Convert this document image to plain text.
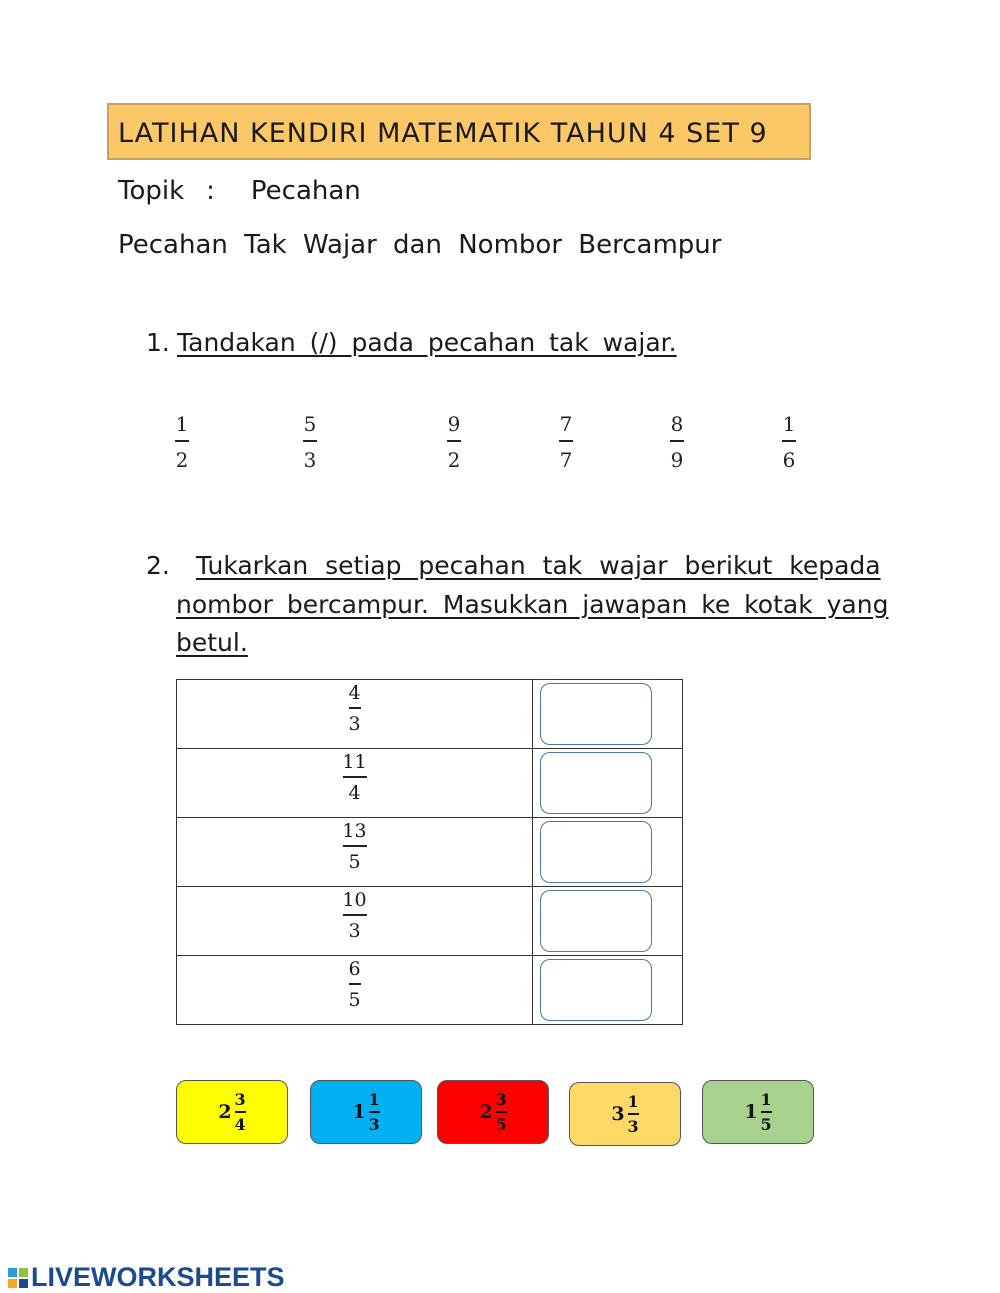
LATIHAN KENDIRI MATEMATIK TAHUN 4 SET 9
Topik : Pecahan
Pecahan Tak Wajar dan Nombor Bercampur
1. Tandakan (/) pada pecahan tak wajar.
1
2
5
3
9
2
7
7
8
9
1
6
2. Tukarkan setiap pecahan tak wajar berikut kepada
nombor bercampur. Masukkan jawapan ke kotak yang
betul.
4
3	

11
4	

13
5	

10
3	

6
5	

2
3
4
1
1
3
2
3
5	3
1
3
1
1
5
LIVEWORKSHEETS
